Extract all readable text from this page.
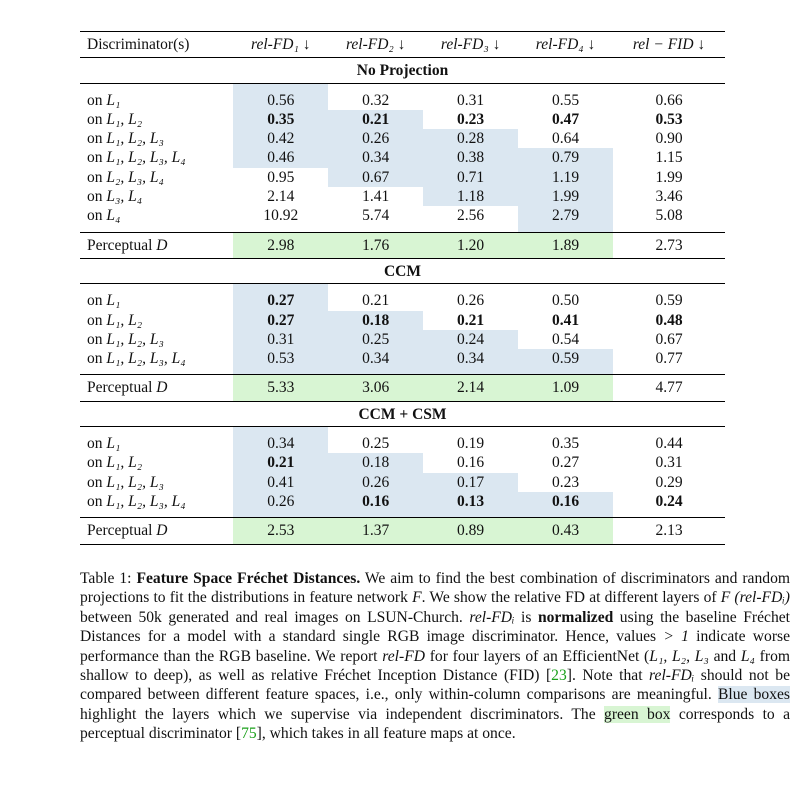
Discriminator(s)	rel-FD₁ ↓	rel-FD₂ ↓	rel-FD₃ ↓	rel-FD₄ ↓	rel − FID ↓
No Projection					
on L₁	0.56	0.32	0.31	0.55	0.66
on L₁, L₂	0.35	0.21	0.23	0.47	0.53
on L₁, L₂, L₃	0.42	0.26	0.28	0.64	0.90
on L₁, L₂, L₃, L₄	0.46	0.34	0.38	0.79	1.15
on L₂, L₃, L₄	0.95	0.67	0.71	1.19	1.99
on L₃, L₄	2.14	1.41	1.18	1.99	3.46
on L₄	10.92	5.74	2.56	2.79	5.08
Perceptual D	2.98	1.76	1.20	1.89	2.73
CCM					
on L₁	0.27	0.21	0.26	0.50	0.59
on L₁, L₂	0.27	0.18	0.21	0.41	0.48
on L₁, L₂, L₃	0.31	0.25	0.24	0.54	0.67
on L₁, L₂, L₃, L₄	0.53	0.34	0.34	0.59	0.77
Perceptual D	5.33	3.06	2.14	1.09	4.77
CCM + CSM					
on L₁	0.34	0.25	0.19	0.35	0.44
on L₁, L₂	0.21	0.18	0.16	0.27	0.31
on L₁, L₂, L₃	0.41	0.26	0.17	0.23	0.29
on L₁, L₂, L₃, L₄	0.26	0.16	0.13	0.16	0.24
Perceptual D	2.53	1.37	0.89	0.43	2.13

Table 1: Feature Space Fréchet Distances. We aim to find the best combination of discriminators and random projections to fit the distributions in feature network F. We show the relative FD at different layers of F (rel-FDᵢ) between 50k generated and real images on LSUN-Church. rel-FDᵢ is normalized using the baseline Fréchet Distances for a model with a standard single RGB image discriminator. Hence, values > 1 indicate worse performance than the RGB baseline. We report rel-FD for four layers of an EfficientNet (L₁, L₂, L₃ and L₄ from shallow to deep), as well as relative Fréchet Inception Distance (FID) [23]. Note that rel-FDᵢ should not be compared between different feature spaces, i.e., only within-column comparisons are meaningful. Blue boxes highlight the layers which we supervise via independent discriminators. The green box corresponds to a perceptual discriminator [75], which takes in all feature maps at once.
